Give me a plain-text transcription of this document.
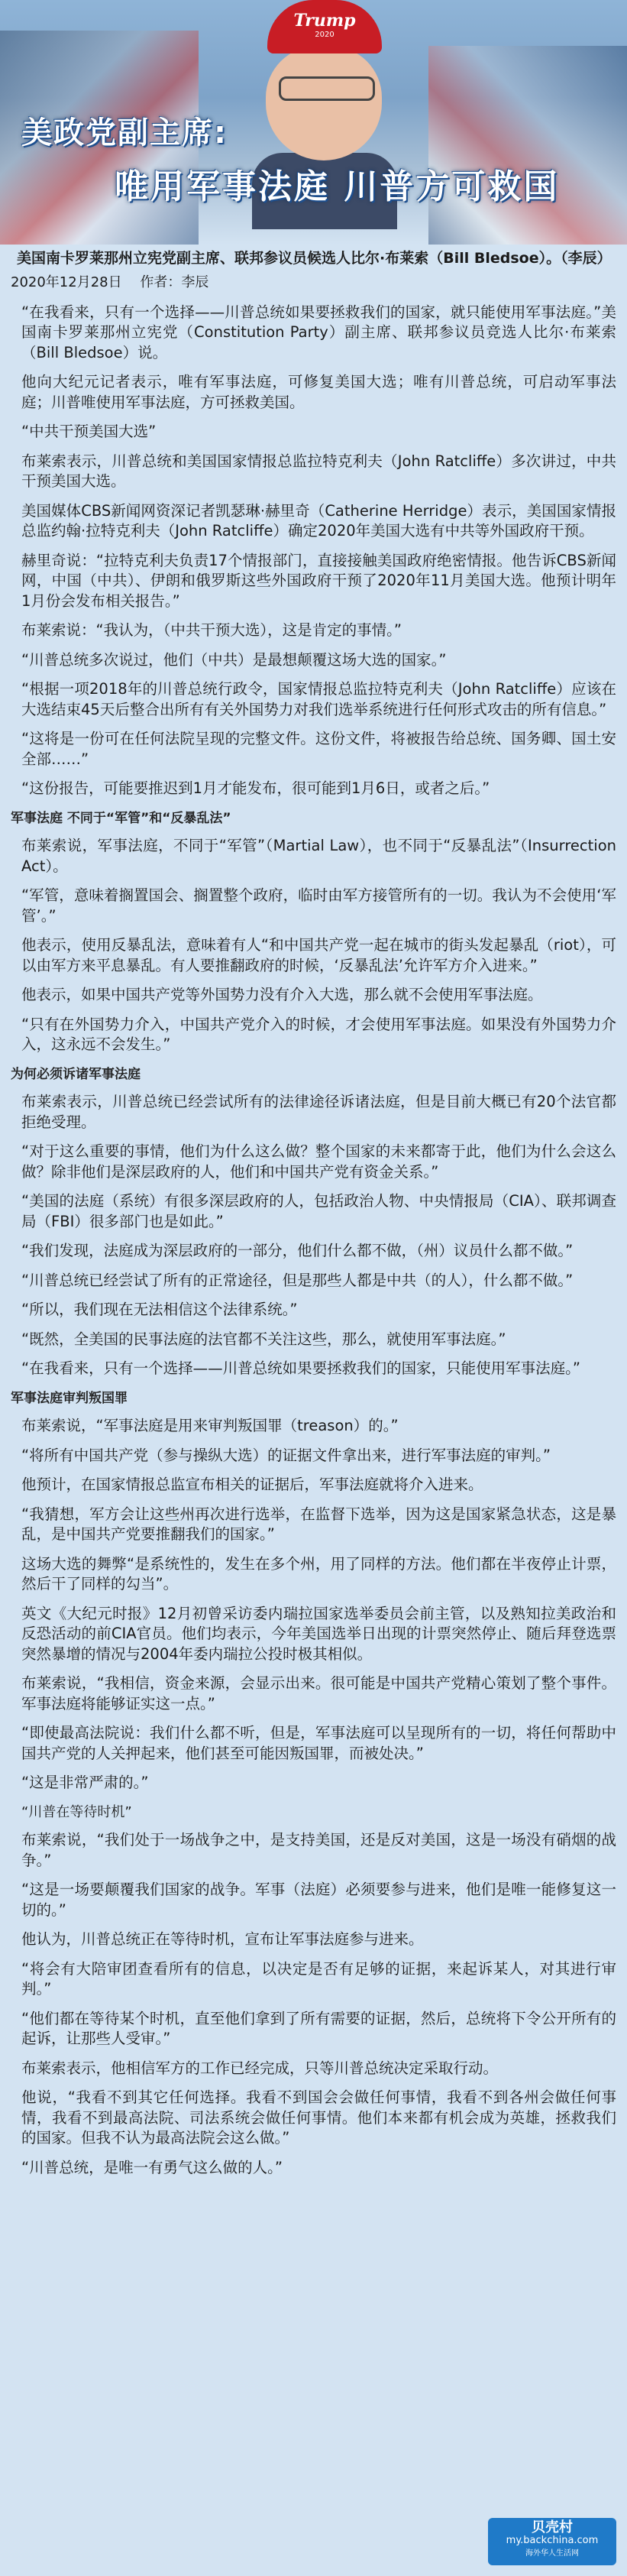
Trump
2020
美政党副主席:
唯用军事法庭 川普方可救国
美国南卡罗莱那州立宪党副主席、联邦参议员候选人比尔·布莱索（Bill Bledsoe）。（李辰）
2020年12月28日 作者：李辰

“在我看来，只有一个选择——川普总统如果要拯救我们的国家，就只能使用军事法庭。”美国南卡罗莱那州立宪党（Constitution Party）副主席、联邦参议员竞选人比尔·布莱索（Bill Bledsoe）说。

他向大纪元记者表示，唯有军事法庭，可修复美国大选；唯有川普总统，可启动军事法庭；川普唯使用军事法庭，方可拯救美国。

“中共干预美国大选”

布莱索表示，川普总统和美国国家情报总监拉特克利夫（John Ratcliffe）多次讲过，中共干预美国大选。

美国媒体CBS新闻网资深记者凯瑟琳·赫里奇（Catherine Herridge）表示，美国国家情报总监约翰·拉特克利夫（John Ratcliffe）确定2020年美国大选有中共等外国政府干预。

赫里奇说：“拉特克利夫负责17个情报部门，直接接触美国政府绝密情报。他告诉CBS新闻网，中国（中共）、伊朗和俄罗斯这些外国政府干预了2020年11月美国大选。他预计明年1月份会发布相关报告。”

布莱索说：“我认为，（中共干预大选），这是肯定的事情。”

“川普总统多次说过，他们（中共）是最想颠覆这场大选的国家。”

“根据一项2018年的川普总统行政令，国家情报总监拉特克利夫（John Ratcliffe）应该在大选结束45天后整合出所有有关外国势力对我们选举系统进行任何形式攻击的所有信息。”

“这将是一份可在任何法院呈现的完整文件。这份文件，将被报告给总统、国务卿、国土安全部……”

“这份报告，可能要推迟到1月才能发布，很可能到1月6日，或者之后。”

军事法庭 不同于“军管”和“反暴乱法”

布莱索说，军事法庭，不同于“军管”（Martial Law），也不同于“反暴乱法”（Insurrection Act）。

“军管，意味着搁置国会、搁置整个政府，临时由军方接管所有的一切。我认为不会使用‘军管’。”

他表示，使用反暴乱法，意味着有人“和中国共产党一起在城市的街头发起暴乱（riot），可以由军方来平息暴乱。有人要推翻政府的时候，‘反暴乱法’允许军方介入进来。”

他表示，如果中国共产党等外国势力没有介入大选，那么就不会使用军事法庭。

“只有在外国势力介入，中国共产党介入的时候，才会使用军事法庭。如果没有外国势力介入，这永远不会发生。”

为何必须诉诸军事法庭

布莱索表示，川普总统已经尝试所有的法律途径诉诸法庭，但是目前大概已有20个法官都拒绝受理。

“对于这么重要的事情，他们为什么这么做？整个国家的未来都寄于此，他们为什么会这么做？除非他们是深层政府的人，他们和中国共产党有资金关系。”

“美国的法庭（系统）有很多深层政府的人，包括政治人物、中央情报局（CIA）、联邦调查局（FBI）很多部门也是如此。”

“我们发现，法庭成为深层政府的一部分，他们什么都不做，（州）议员什么都不做。”

“川普总统已经尝试了所有的正常途径，但是那些人都是中共（的人），什么都不做。”

“所以，我们现在无法相信这个法律系统。”

“既然，全美国的民事法庭的法官都不关注这些，那么，就使用军事法庭。”

“在我看来，只有一个选择——川普总统如果要拯救我们的国家，只能使用军事法庭。”

军事法庭审判叛国罪

布莱索说，“军事法庭是用来审判叛国罪（treason）的。”

“将所有中国共产党（参与操纵大选）的证据文件拿出来，进行军事法庭的审判。”

他预计，在国家情报总监宣布相关的证据后，军事法庭就将介入进来。

“我猜想，军方会让这些州再次进行选举，在监督下选举，因为这是国家紧急状态，这是暴乱，是中国共产党要推翻我们的国家。”

这场大选的舞弊“是系统性的，发生在多个州，用了同样的方法。他们都在半夜停止计票，然后干了同样的勾当”。

英文《大纪元时报》12月初曾采访委内瑞拉国家选举委员会前主管，以及熟知拉美政治和反恐活动的前CIA官员。他们均表示，今年美国选举日出现的计票突然停止、随后拜登选票突然暴增的情况与2004年委内瑞拉公投时极其相似。

布莱索说，“我相信，资金来源，会显示出来。很可能是中国共产党精心策划了整个事件。军事法庭将能够证实这一点。”

“即使最高法院说：我们什么都不听，但是，军事法庭可以呈现所有的一切，将任何帮助中国共产党的人关押起来，他们甚至可能因叛国罪，而被处决。”

“这是非常严肃的。”

“川普在等待时机”

布莱索说，“我们处于一场战争之中，是支持美国，还是反对美国，这是一场没有硝烟的战争。”

“这是一场要颠覆我们国家的战争。军事（法庭）必须要参与进来，他们是唯一能修复这一切的。”

他认为，川普总统正在等待时机，宣布让军事法庭参与进来。

“将会有大陪审团查看所有的信息，以决定是否有足够的证据，来起诉某人，对其进行审判。”

“他们都在等待某个时机，直至他们拿到了所有需要的证据，然后，总统将下令公开所有的起诉，让那些人受审。”

布莱索表示，他相信军方的工作已经完成，只等川普总统决定采取行动。

他说，“我看不到其它任何选择。我看不到国会会做任何事情，我看不到各州会做任何事情，我看不到最高法院、司法系统会做任何事情。他们本来都有机会成为英雄，拯救我们的国家。但我不认为最高法院会这么做。”

“川普总统，是唯一有勇气这么做的人。”

贝壳村
my.backchina.com
海外华人生活网
